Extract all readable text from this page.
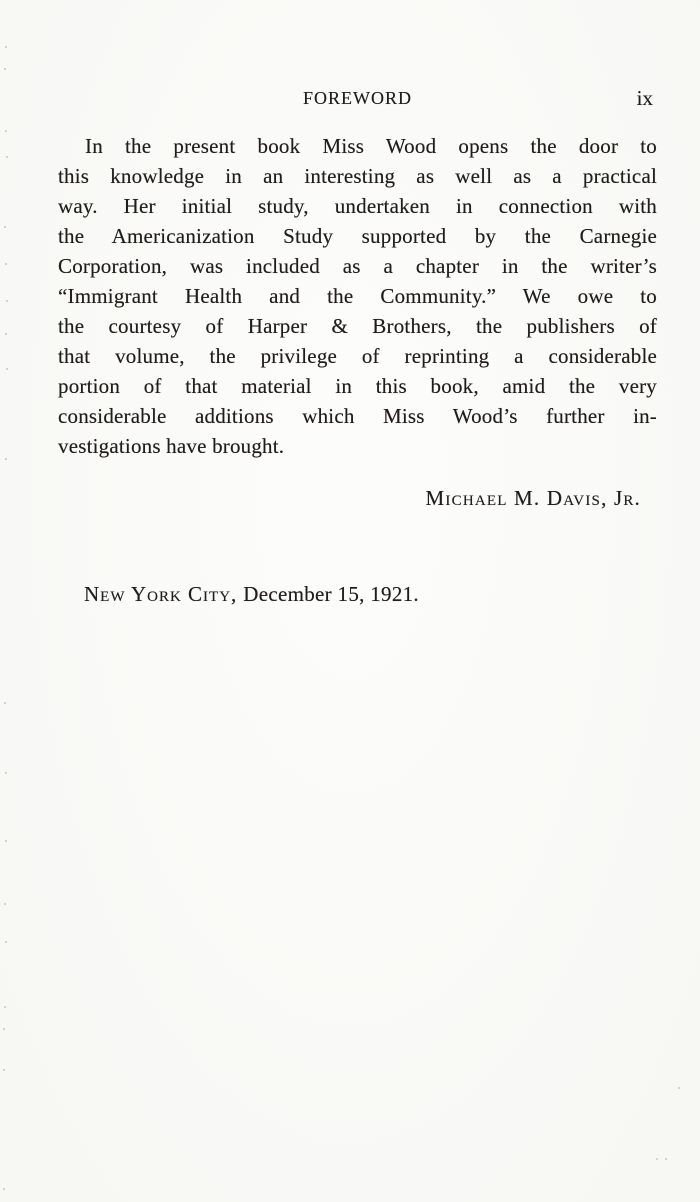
FOREWORD	ix
In the present book Miss Wood opens the door to
this knowledge in an interesting as well as a practical
way. Her initial study, undertaken in connection with
the Americanization Study supported by the Carnegie
Corporation, was included as a chapter in the writer’s
“Immigrant Health and the Community.” We owe to
the courtesy of Harper & Brothers, the publishers of
that volume, the privilege of reprinting a considerable
portion of that material in this book, amid the very
considerable additions which Miss Wood’s further in-
vestigations have brought.
Michael M. Davis, Jr.
New York City, December 15, 1921.
